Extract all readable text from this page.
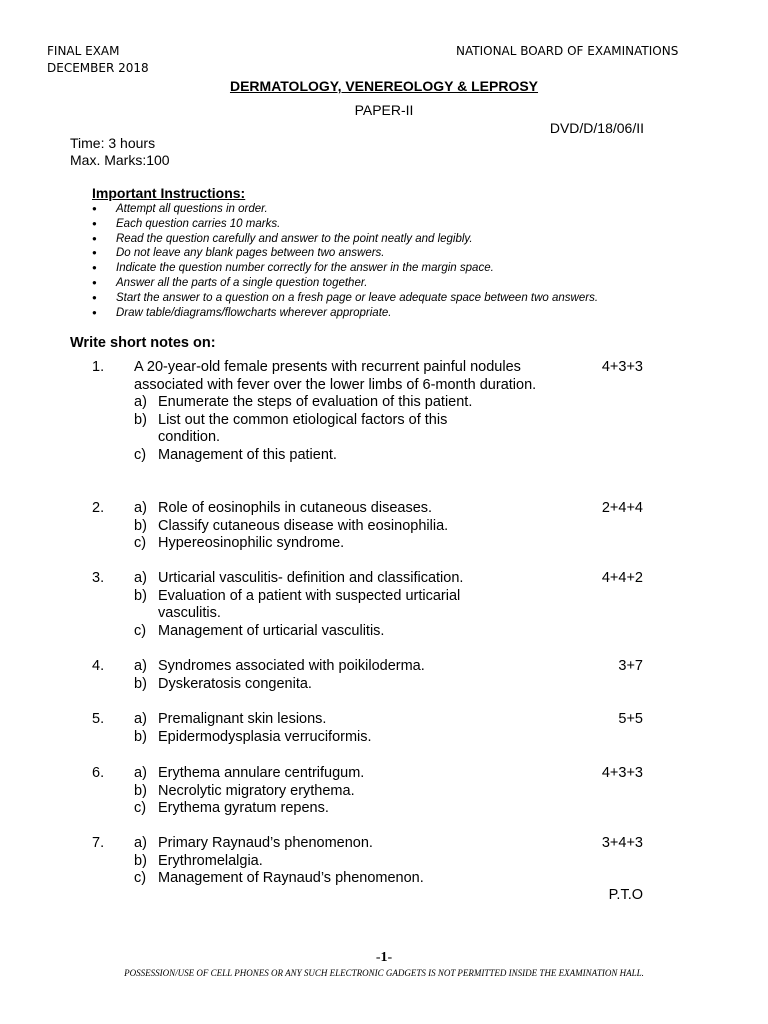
FINAL EXAM
DECEMBER 2018
NATIONAL BOARD OF EXAMINATIONS
DERMATOLOGY, VENEREOLOGY & LEPROSY
PAPER-II
DVD/D/18/06/II
Time: 3 hours
Max. Marks:100
Important Instructions:
● Attempt all questions in order.
● Each question carries 10 marks.
● Read the question carefully and answer to the point neatly and legibly.
● Do not leave any blank pages between two answers.
● Indicate the question number correctly for the answer in the margin space.
● Answer all the parts of a single question together.
● Start the answer to a question on a fresh page or leave adequate space between two answers.
● Draw table/diagrams/flowcharts wherever appropriate.
Write short notes on:
1.	4+3+3
A 20-year-old female presents with recurrent painful nodules associated with fever over the lower limbs of 6-month duration.
a) Enumerate the steps of evaluation of this patient.
b) List out the common etiological factors of this condition.
c) Management of this patient.
2.	2+4+4
a) Role of eosinophils in cutaneous diseases.
b) Classify cutaneous disease with eosinophilia.
c) Hypereosinophilic syndrome.
3.	4+4+2
a) Urticarial vasculitis- definition and classification.
b) Evaluation of a patient with suspected urticarial vasculitis.
c) Management of urticarial vasculitis.
4.	3+7
a) Syndromes associated with poikiloderma.
b) Dyskeratosis congenita.
5.	5+5
a) Premalignant skin lesions.
b) Epidermodysplasia verruciformis.
6.	4+3+3
a) Erythema annulare centrifugum.
b) Necrolytic migratory erythema.
c) Erythema gyratum repens.
7.	3+4+3
a) Primary Raynaud’s phenomenon.
b) Erythromelalgia.
c) Management of Raynaud’s phenomenon.
P.T.O
-1-
POSSESSION/USE OF CELL PHONES OR ANY SUCH ELECTRONIC GADGETS IS NOT PERMITTED INSIDE THE EXAMINATION HALL.
